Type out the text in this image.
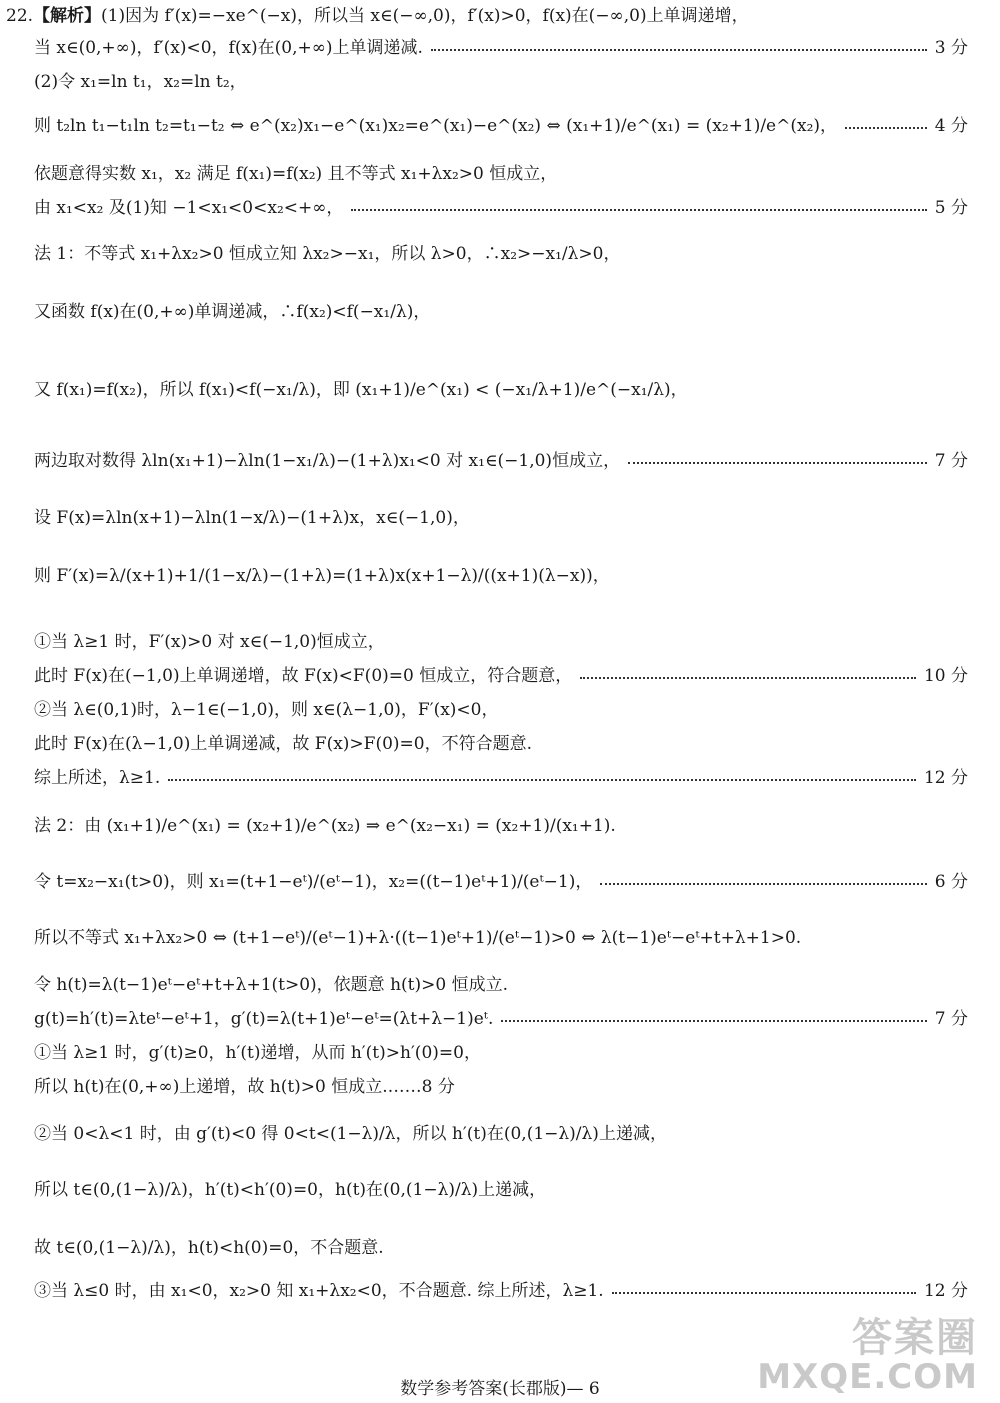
22. 【解析】 (1)因为 f′(x)=−xe^(−x)，所以当 x∈(−∞,0)，f′(x)>0，f(x)在(−∞,0)上单调递增，
当 x∈(0,+∞)，f′(x)<0，f(x)在(0,+∞)上单调递减.	3 分
(2)令 x₁=ln t₁，x₂=ln t₂，
则 t₂ln t₁−t₁ln t₂=t₁−t₂ ⇔ e^(x₂)x₁−e^(x₁)x₂=e^(x₁)−e^(x₂) ⇔ (x₁+1)/e^(x₁) = (x₂+1)/e^(x₂)，	4 分
依题意得实数 x₁，x₂ 满足 f(x₁)=f(x₂) 且不等式 x₁+λx₂>0 恒成立，
由 x₁<x₂ 及(1)知 −1<x₁<0<x₂<+∞，	5 分
法 1：不等式 x₁+λx₂>0 恒成立知 λx₂>−x₁，所以 λ>0，∴x₂>−x₁/λ>0，
又函数 f(x)在(0,+∞)单调递减，∴f(x₂)<f(−x₁/λ)，
又 f(x₁)=f(x₂)，所以 f(x₁)<f(−x₁/λ)，即 (x₁+1)/e^(x₁) < (−x₁/λ+1)/e^(−x₁/λ)，
两边取对数得 λln(x₁+1)−λln(1−x₁/λ)−(1+λ)x₁<0 对 x₁∈(−1,0)恒成立，	7 分
设 F(x)=λln(x+1)−λln(1−x/λ)−(1+λ)x，x∈(−1,0)，
则 F′(x)=λ/(x+1)+1/(1−x/λ)−(1+λ)=(1+λ)x(x+1−λ)/((x+1)(λ−x))，
①当 λ≥1 时，F′(x)>0 对 x∈(−1,0)恒成立，
此时 F(x)在(−1,0)上单调递增，故 F(x)<F(0)=0 恒成立，符合题意，	10 分
②当 λ∈(0,1)时，λ−1∈(−1,0)，则 x∈(λ−1,0)，F′(x)<0，
此时 F(x)在(λ−1,0)上单调递减，故 F(x)>F(0)=0，不符合题意.
综上所述，λ≥1.	12 分
法 2：由 (x₁+1)/e^(x₁) = (x₂+1)/e^(x₂) ⇒ e^(x₂−x₁) = (x₂+1)/(x₁+1).
令 t=x₂−x₁(t>0)，则 x₁=(t+1−eᵗ)/(eᵗ−1)，x₂=((t−1)eᵗ+1)/(eᵗ−1)，	6 分
所以不等式 x₁+λx₂>0 ⇔ (t+1−eᵗ)/(eᵗ−1)+λ·((t−1)eᵗ+1)/(eᵗ−1)>0 ⇔ λ(t−1)eᵗ−eᵗ+t+λ+1>0.
令 h(t)=λ(t−1)eᵗ−eᵗ+t+λ+1(t>0)，依题意 h(t)>0 恒成立.
g(t)=h′(t)=λteᵗ−eᵗ+1，g′(t)=λ(t+1)eᵗ−eᵗ=(λt+λ−1)eᵗ.	7 分
①当 λ≥1 时，g′(t)≥0，h′(t)递增，从而 h′(t)>h′(0)=0，
所以 h(t)在(0,+∞)上递增，故 h(t)>0 恒成立.……8 分
②当 0<λ<1 时，由 g′(t)<0 得 0<t<(1−λ)/λ，所以 h′(t)在(0,(1−λ)/λ)上递减，
所以 t∈(0,(1−λ)/λ)，h′(t)<h′(0)=0，h(t)在(0,(1−λ)/λ)上递减，
故 t∈(0,(1−λ)/λ)，h(t)<h(0)=0，不合题意.
③当 λ≤0 时，由 x₁<0，x₂>0 知 x₁+λx₂<0，不合题意. 综上所述，λ≥1.	12 分
数学参考答案(长郡版)— 6
答案圈
MXQE.COM
